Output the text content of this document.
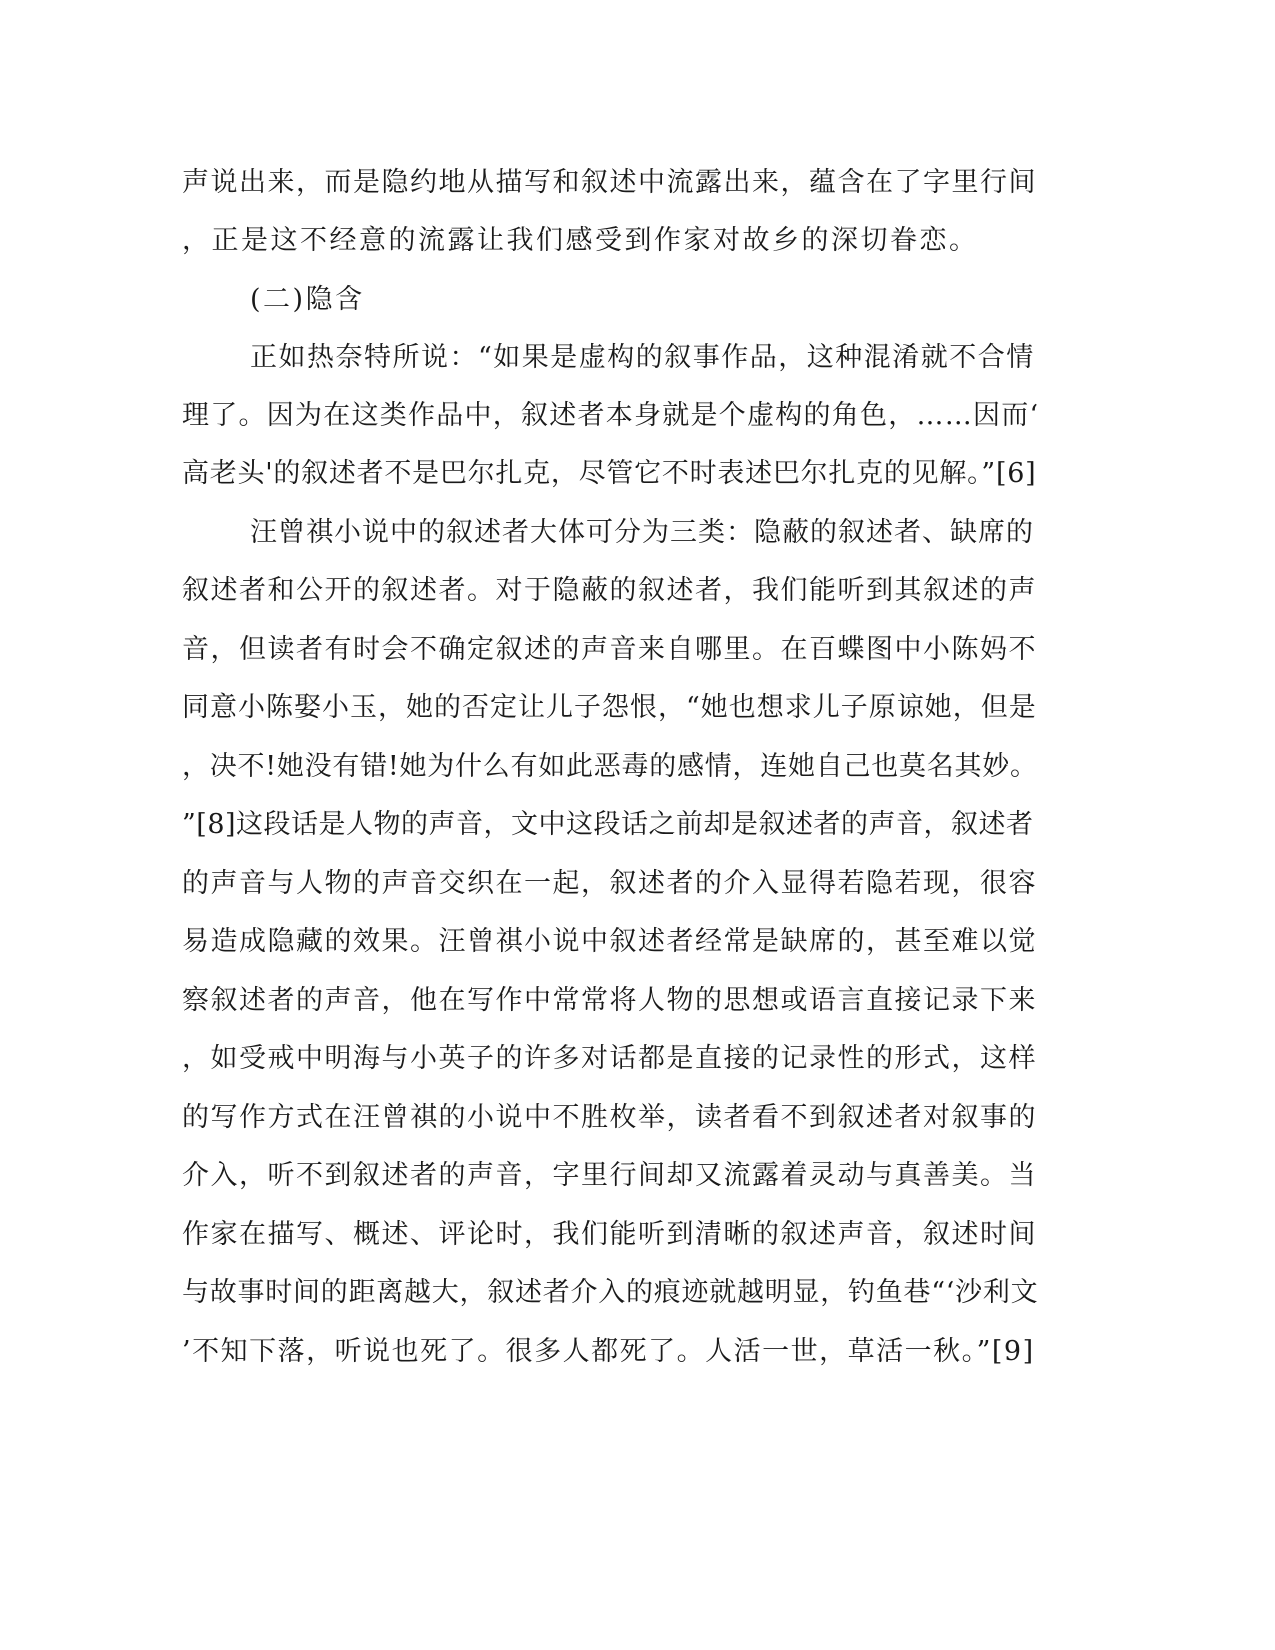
声说出来，而是隐约地从描写和叙述中流露出来，蕴含在了字里行间
，正是这不经意的流露让我们感受到作家对故乡的深切眷恋。
(二)隐含
正如热奈特所说：“如果是虚构的叙事作品，这种混淆就不合情
理了。因为在这类作品中，叙述者本身就是个虚构的角色，……因而‘
高老头'的叙述者不是巴尔扎克，尽管它不时表述巴尔扎克的见解。”[6]
汪曾祺小说中的叙述者大体可分为三类：隐蔽的叙述者、缺席的
叙述者和公开的叙述者。对于隐蔽的叙述者，我们能听到其叙述的声
音，但读者有时会不确定叙述的声音来自哪里。在百蝶图中小陈妈不
同意小陈娶小玉，她的否定让儿子怨恨，“她也想求儿子原谅她，但是
，决不!她没有错!她为什么有如此恶毒的感情，连她自己也莫名其妙。
”[8]这段话是人物的声音，文中这段话之前却是叙述者的声音，叙述者
的声音与人物的声音交织在一起，叙述者的介入显得若隐若现，很容
易造成隐藏的效果。汪曾祺小说中叙述者经常是缺席的，甚至难以觉
察叙述者的声音，他在写作中常常将人物的思想或语言直接记录下来
，如受戒中明海与小英子的许多对话都是直接的记录性的形式，这样
的写作方式在汪曾祺的小说中不胜枚举，读者看不到叙述者对叙事的
介入，听不到叙述者的声音，字里行间却又流露着灵动与真善美。当
作家在描写、概述、评论时，我们能听到清晰的叙述声音，叙述时间
与故事时间的距离越大，叙述者介入的痕迹就越明显，钓鱼巷“‘沙利文
’不知下落，听说也死了。很多人都死了。人活一世，草活一秋。”[9]
